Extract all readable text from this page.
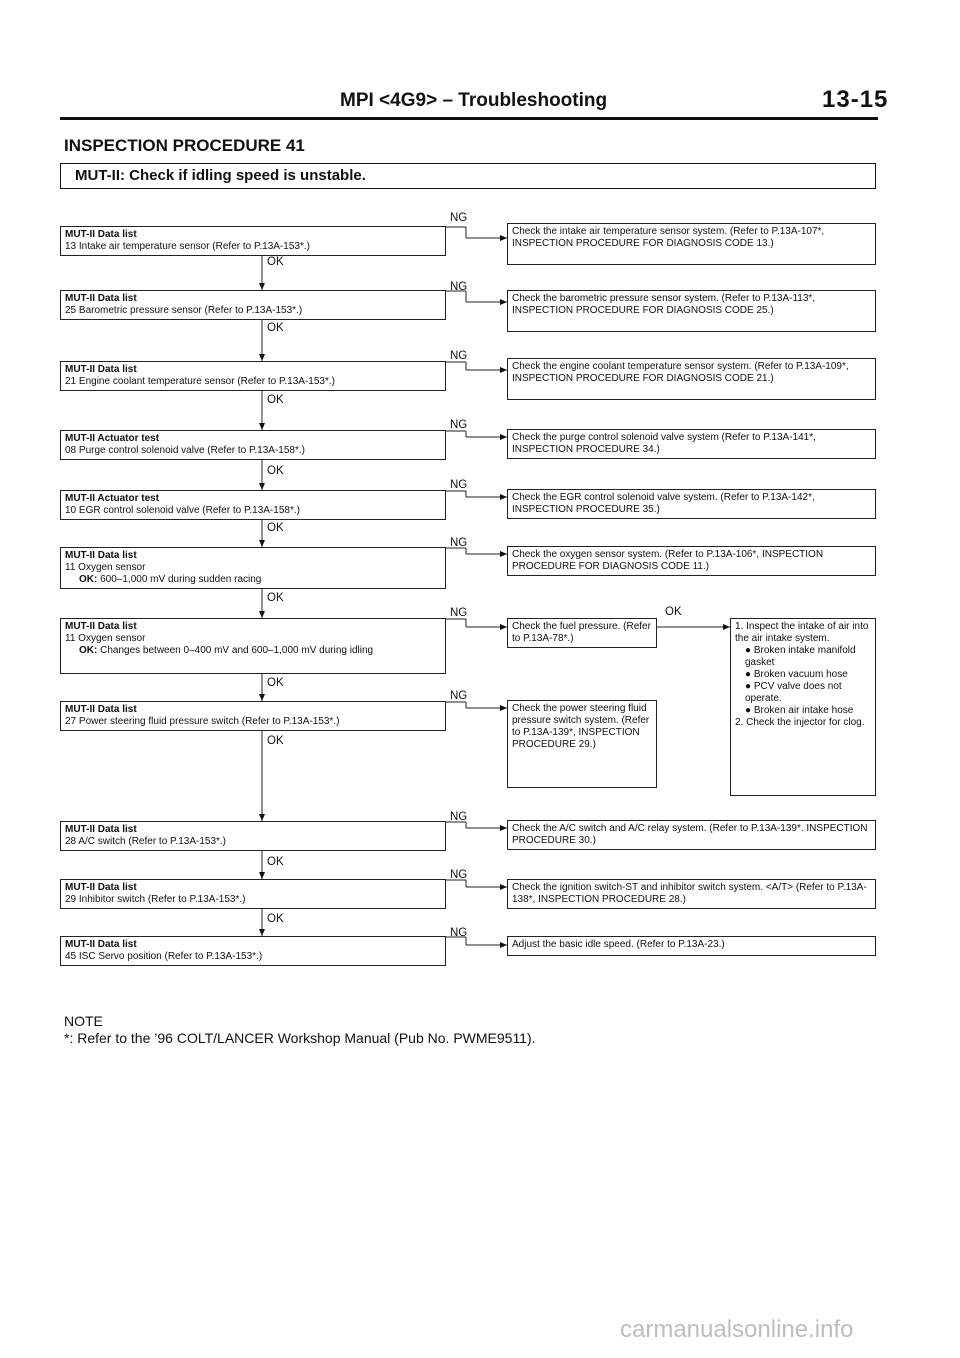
MPI <4G9> – Troubleshooting	13-15
INSPECTION PROCEDURE 41
MUT-II: Check if idling speed is unstable.
MUT-II Data list
13 Intake air temperature sensor (Refer to P.13A-153*.)
MUT-II Data list
25 Barometric pressure sensor (Refer to P.13A-153*.)
MUT-II Data list
21 Engine coolant temperature sensor (Refer to P.13A-153*.)
MUT-II Actuator test
08 Purge control solenoid valve (Refer to P.13A-158*.)
MUT-II Actuator test
10 EGR control solenoid valve (Refer to P.13A-158*.)
MUT-II Data list
11 Oxygen sensor
OK: 600–1,000 mV during sudden racing
MUT-II Data list
11 Oxygen sensor
OK: Changes between 0–400 mV and 600–1,000 mV during idling
MUT-II Data list
27 Power steering fluid pressure switch (Refer to P.13A-153*.)
MUT-II Data list
28 A/C switch (Refer to P.13A-153*.)
MUT-II Data list
29 Inhibitor switch (Refer to P.13A-153*.)
MUT-II Data list
45 ISC Servo position (Refer to P.13A-153*.)
Check the intake air temperature sensor system. (Refer to P.13A-107*, INSPECTION PROCEDURE FOR DIAGNOSIS CODE 13.)
Check the barometric pressure sensor system. (Refer to P.13A-113*, INSPECTION PROCEDURE FOR DIAGNOSIS CODE 25.)
Check the engine coolant temperature sensor system. (Refer to P.13A-109*, INSPECTION PROCEDURE FOR DIAGNOSIS CODE 21.)
Check the purge control solenoid valve system (Refer to P.13A-141*, INSPECTION PROCEDURE 34.)
Check the EGR control solenoid valve system. (Refer to P.13A-142*, INSPECTION PROCEDURE 35.)
Check the oxygen sensor system. (Refer to P.13A-106*, INSPECTION PROCEDURE FOR DIAGNOSIS CODE 11.)
Check the fuel pressure. (Refer to P.13A-78*.)
Check the power steering fluid pressure switch system. (Refer to P.13A-139*, INSPECTION PROCEDURE 29.)
Check the A/C switch and A/C relay system. (Refer to P.13A-139*. INSPECTION PROCEDURE 30.)
Check the ignition switch-ST and inhibitor switch system. <A/T> (Refer to P.13A-138*, INSPECTION PROCEDURE 28.)
Adjust the basic idle speed. (Refer to P.13A-23.)
1. Inspect the intake of air into the air intake system.
● Broken intake manifold gasket
● Broken vacuum hose
● PCV valve does not operate.
● Broken air intake hose
2. Check the injector for clog.
NG
NG
NG
NG
NG
NG
NG
NG
NG
NG
NG
OK
OK
OK
OK
OK
OK
OK
OK
OK
OK
OK
NOTE
*: Refer to the ’96 COLT/LANCER Workshop Manual (Pub No. PWME9511).
carmanualsonline.info
